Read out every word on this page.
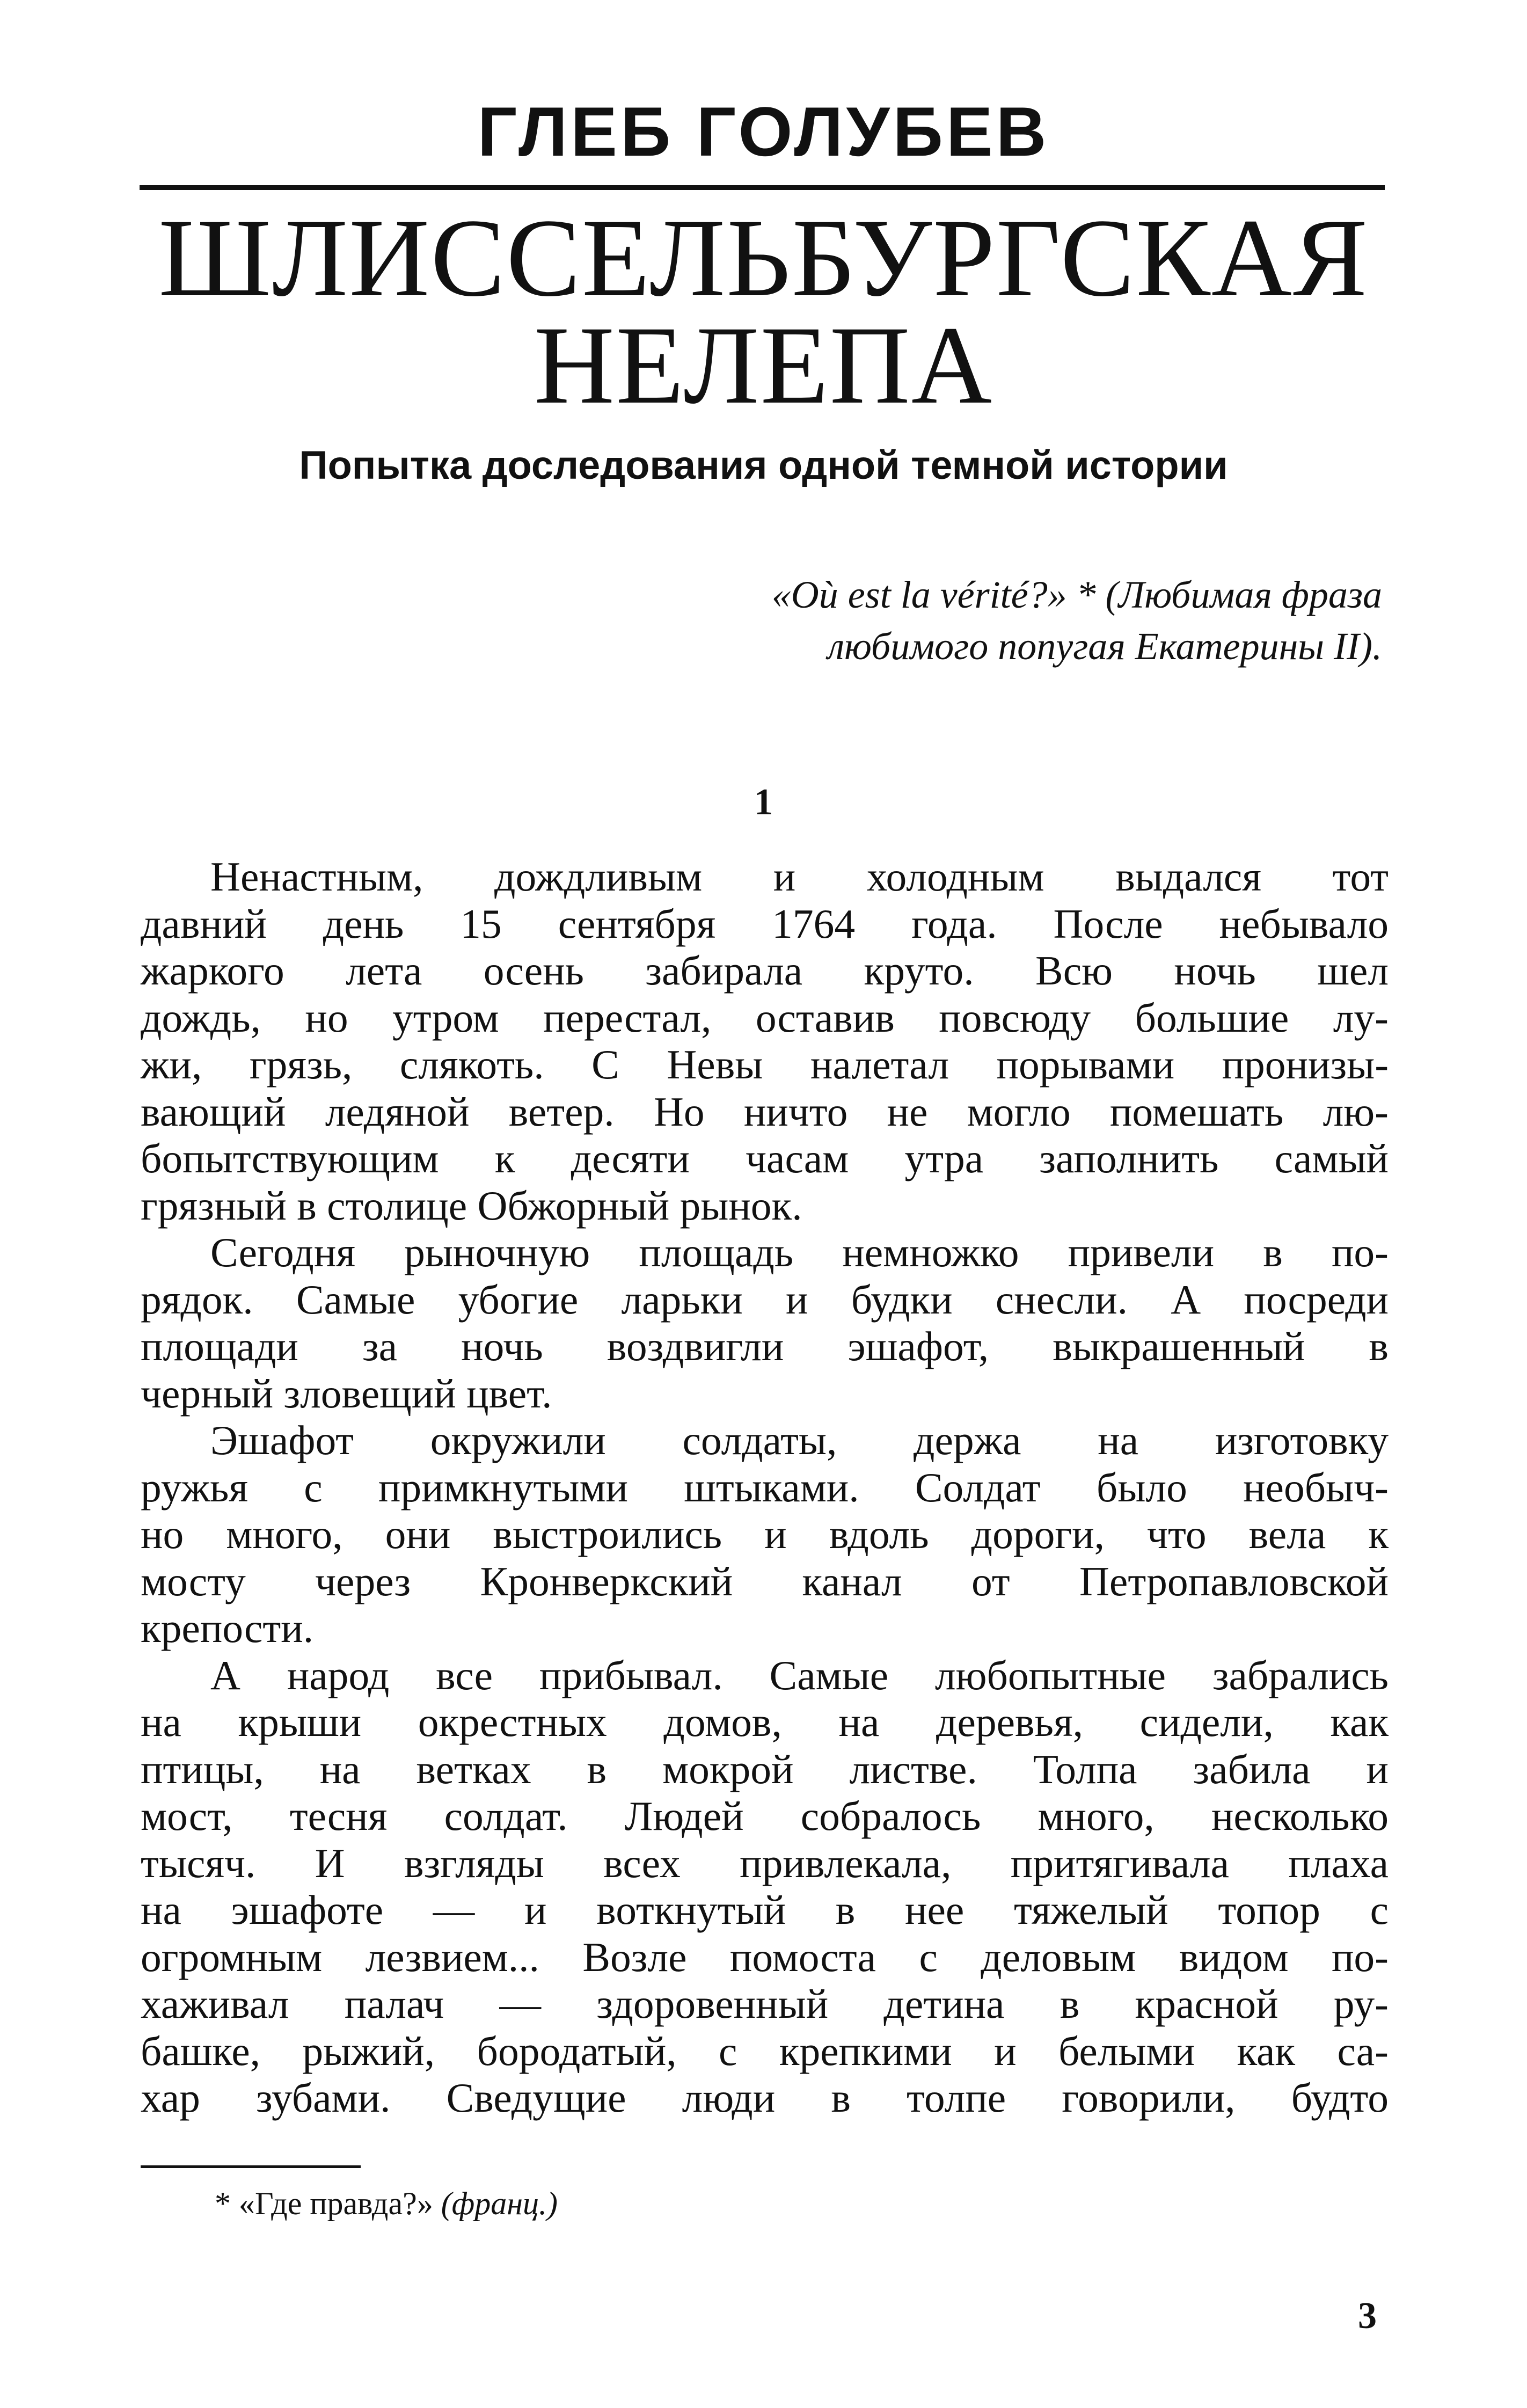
ГЛЕБ ГОЛУБЕВ
ШЛИССЕЛЬБУРГСКАЯ
НЕЛЕПА
Попытка доследования одной темной истории
«Où est la vérité?» * (Любимая фраза
любимого попугая Екатерины II).
1

Ненастным, дождливым и холодным выдался тот
давний день 15 сентября 1764 года. После небывало
жаркого лета осень забирала круто. Всю ночь шел
дождь, но утром перестал, оставив повсюду большие лу-
жи, грязь, слякоть. С Невы налетал порывами пронизы-
вающий ледяной ветер. Но ничто не могло помешать лю-
бопытствующим к десяти часам утра заполнить самый
грязный в столице Обжорный рынок.

Сегодня рыночную площадь немножко привели в по-
рядок. Самые убогие ларьки и будки снесли. А посреди
площади за ночь воздвигли эшафот, выкрашенный в
черный зловещий цвет.

Эшафот окружили солдаты, держа на изготовку
ружья с примкнутыми штыками. Солдат было необыч-
но много, они выстроились и вдоль дороги, что вела к
мосту через Кронверкский канал от Петропавловской
крепости.

А народ все прибывал. Самые любопытные забрались
на крыши окрестных домов, на деревья, сидели, как
птицы, на ветках в мокрой листве. Толпа забила и
мост, тесня солдат. Людей собралось много, несколько
тысяч. И взгляды всех привлекала, притягивала плаха
на эшафоте — и воткнутый в нее тяжелый топор с
огромным лезвием... Возле помоста с деловым видом по-
хаживал палач — здоровенный детина в красной ру-
башке, рыжий, бородатый, с крепкими и белыми как са-
хар зубами. Сведущие люди в толпе говорили, будто

* «Где правда?» (франц.)
3
